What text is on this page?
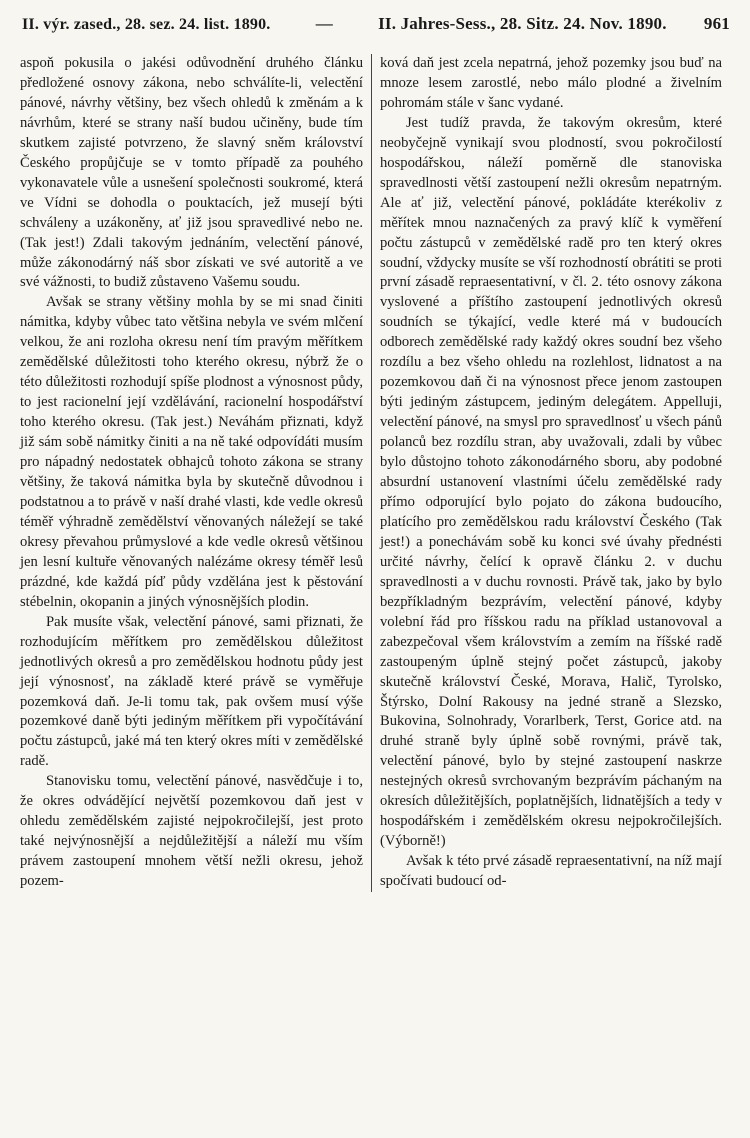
II. výr. zased., 28. sez. 24. list. 1890.	—	II. Jahres-Sess., 28. Sitz. 24. Nov. 1890. 961

aspoň pokusila o jakési odůvodnění druhého článku předložené osnovy zákona, nebo schválíte-li, velectění pánové, návrhy většiny, bez všech ohledů k změnám a k návrhům, které se strany naší budou učiněny, bude tím skutkem zajisté potvrzeno, že slavný sněm království Českého propůjčuje se v tomto případě za pouhého vykonavatele vůle a usnešení společnosti soukromé, která ve Vídni se dohodla o pouktacích, jež musejí býti schváleny a uzákoněny, ať již jsou spravedlivé nebo ne. (Tak jest!) Zdali takovým jednáním, velectění pánové, může zákonodárný náš sbor získati ve své autoritě a ve své vážnosti, to budiž zůstaveno Vašemu soudu.

Avšak se strany většiny mohla by se mi snad činiti námitka, kdyby vůbec tato většina nebyla ve svém mlčení velkou, že ani rozloha okresu není tím pravým měřítkem zemědělské důležitosti toho kterého okresu, nýbrž že o této důležitosti rozhodují spíše plodnost a výnosnost půdy, to jest racionelní její vzdělávání, racionelní hospodářství toho kterého okresu. (Tak jest.) Neváhám přiznati, když již sám sobě námitky činiti a na ně také odpovídáti musím pro nápadný nedostatek obhajců tohoto zákona se strany většiny, že taková námitka byla by skutečně důvodnou i podstatnou a to právě v naší drahé vlasti, kde vedle okresů téměř výhradně zemědělství věnovaných náležejí se také okresy převahou průmyslové a kde vedle okresů většinou jen lesní kultuře věnovaných nalézáme okresy téměř lesů prázdné, kde každá píď půdy vzdělána jest k pěstování stébelnin, okopanin a jiných výnosnějších plodin.

Pak musíte však, velectění pánové, sami přiznati, že rozhodujícím měřítkem pro zemědělskou důležitost jednotlivých okresů a pro zemědělskou hodnotu půdy jest její výnosnosť, na základě které právě se vyměřuje pozemková daň. Je-li tomu tak, pak ovšem musí výše pozemkové daně býti jediným měřítkem při vypočítávání počtu zástupců, jaké má ten který okres míti v zemědělské radě.

Stanovisku tomu, velectění pánové, nasvědčuje i to, že okres odvádějící největší pozemkovou daň jest v ohledu zemědělském zajisté nejpokročilejší, jest proto také nejvýnosnější a nejdůležitější a náleží mu vším právem zastoupení mnohem větší nežli okresu, jehož pozem-

ková daň jest zcela nepatrná, jehož pozemky jsou buď na mnoze lesem zarostlé, nebo málo plodné a živelním pohromám stále v šanc vydané.

Jest tudíž pravda, že takovým okresům, které neobyčejně vynikají svou plodností, svou pokročilostí hospodářskou, náleží poměrně dle stanoviska spravedlnosti větší zastoupení nežli okresům nepatrným. Ale ať již, velectění pánové, pokládáte kterékoliv z měřítek mnou naznačených za pravý klíč k vyměření počtu zástupců v zemědělské radě pro ten který okres soudní, vždycky musíte se vší rozhodností obrátiti se proti první zásadě repraesentativní, v čl. 2. této osnovy zákona vyslovené a příštího zastoupení jednotlivých okresů soudních se týkající, vedle které má v budoucích odborech zemědělské rady každý okres soudní bez všeho rozdílu a bez všeho ohledu na rozlehlost, lidnatost a na pozemkovou daň či na výnosnost přece jenom zastoupen býti jediným zástupcem, jediným delegátem. Appelluji, velectění pánové, na smysl pro spravedlnosť u všech pánů polanců bez rozdílu stran, aby uvažovali, zdali by vůbec bylo důstojno tohoto zákonodárného sboru, aby podobné absurdní ustanovení vlastními účelu zemědělské rady přímo odporující bylo pojato do zákona budoucího, platícího pro zemědělskou radu království Českého (Tak jest!) a ponechávám sobě ku konci své úvahy přednésti určité návrhy, čelící k opravě článku 2. v duchu spravedlnosti a v duchu rovnosti. Právě tak, jako by bylo bezpříkladným bezprávím, velectění pánové, kdyby volební řád pro říšskou radu na příklad ustanovoval a zabezpečoval všem královstvím a zemím na říšské radě zastoupeným úplně stejný počet zástupců, jakoby skutečně království České, Morava, Halič, Tyrolsko, Štýrsko, Dolní Rakousy na jedné straně a Slezsko, Bukovina, Solnohrady, Vorarlberk, Terst, Gorice atd. na druhé straně byly úplně sobě rovnými, právě tak, velectění pánové, bylo by stejné zastoupení naskrze nestejných okresů svrchovaným bezprávím páchaným na okresích důležitějších, poplatnějších, lidnatějších a tedy v hospodářském i zemědělském okresu nejpokročilejších. (Výborně!)

Avšak k této prvé zásadě repraesentativní, na níž mají spočívati budoucí od-
